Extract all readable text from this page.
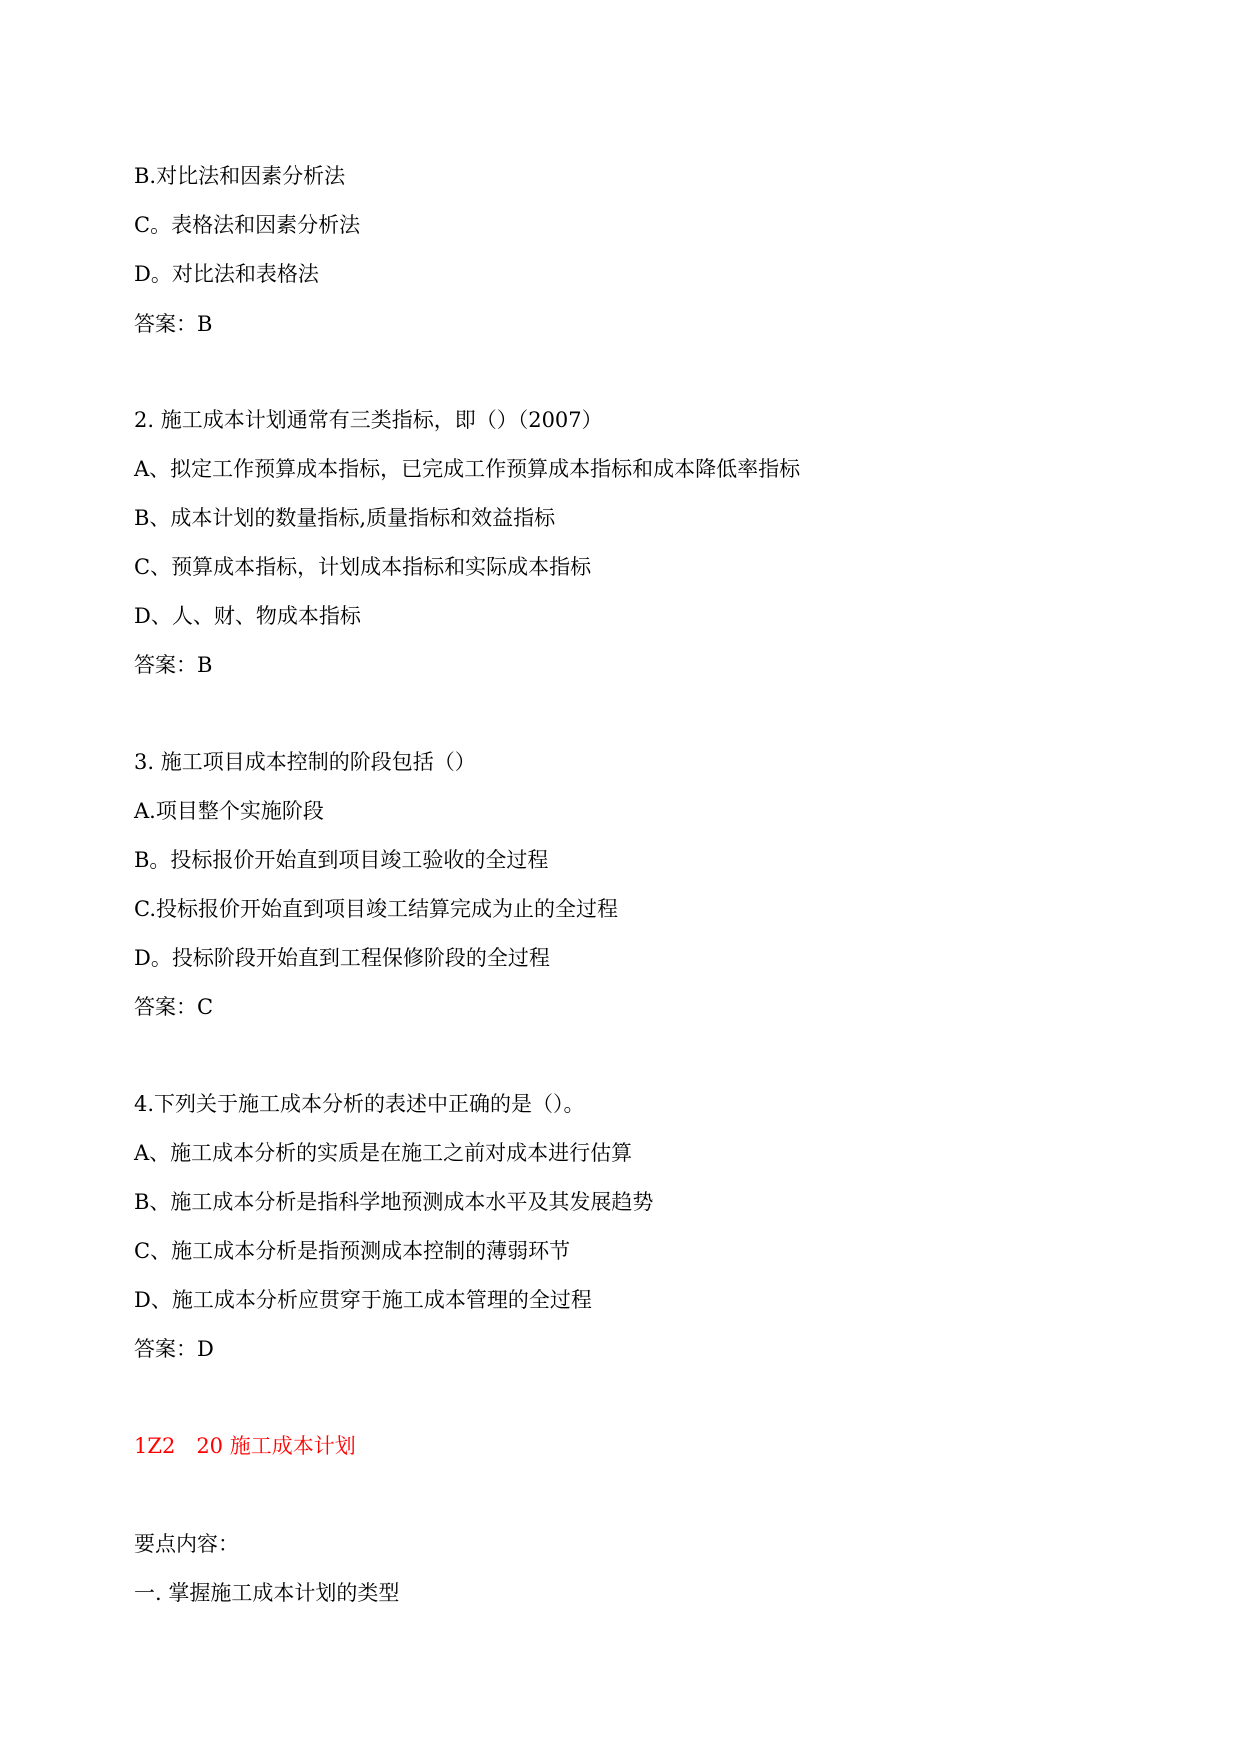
B.对比法和因素分析法
C。表格法和因素分析法
D。对比法和表格法
答案：B
2. 施工成本计划通常有三类指标，即（）（2007）
A、拟定工作预算成本指标，已完成工作预算成本指标和成本降低率指标
B、成本计划的数量指标,质量指标和效益指标
C、预算成本指标，计划成本指标和实际成本指标
D、人、财、物成本指标
答案：B
3. 施工项目成本控制的阶段包括（）
A.项目整个实施阶段
B。投标报价开始直到项目竣工验收的全过程
C.投标报价开始直到项目竣工结算完成为止的全过程
D。投标阶段开始直到工程保修阶段的全过程
答案：C
4.下列关于施工成本分析的表述中正确的是（）。
A、施工成本分析的实质是在施工之前对成本进行估算
B、施工成本分析是指科学地预测成本水平及其发展趋势
C、施工成本分析是指预测成本控制的薄弱环节
D、施工成本分析应贯穿于施工成本管理的全过程
答案：D
1Z2　20 施工成本计划
要点内容：
一. 掌握施工成本计划的类型
